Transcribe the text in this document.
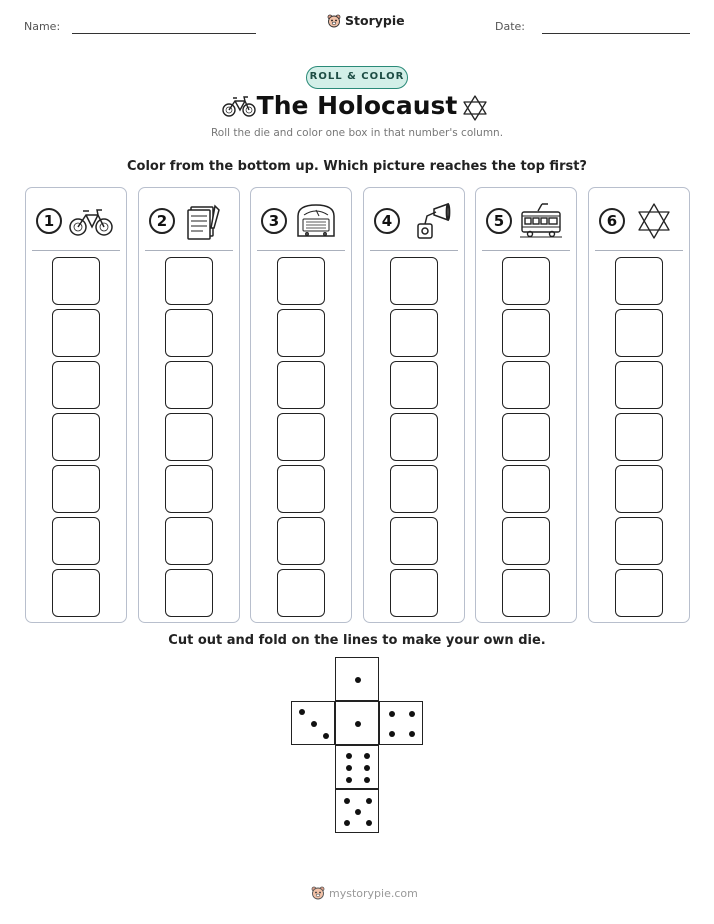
Name:	Storypie	Date:
ROLL & COLOR
The Holocaust
Roll the die and color one box in that number's column.
Color from the bottom up. Which picture reaches the top first?
1	2	3	4	5	6
Cut out and fold on the lines to make your own die.
mystorypie.com
